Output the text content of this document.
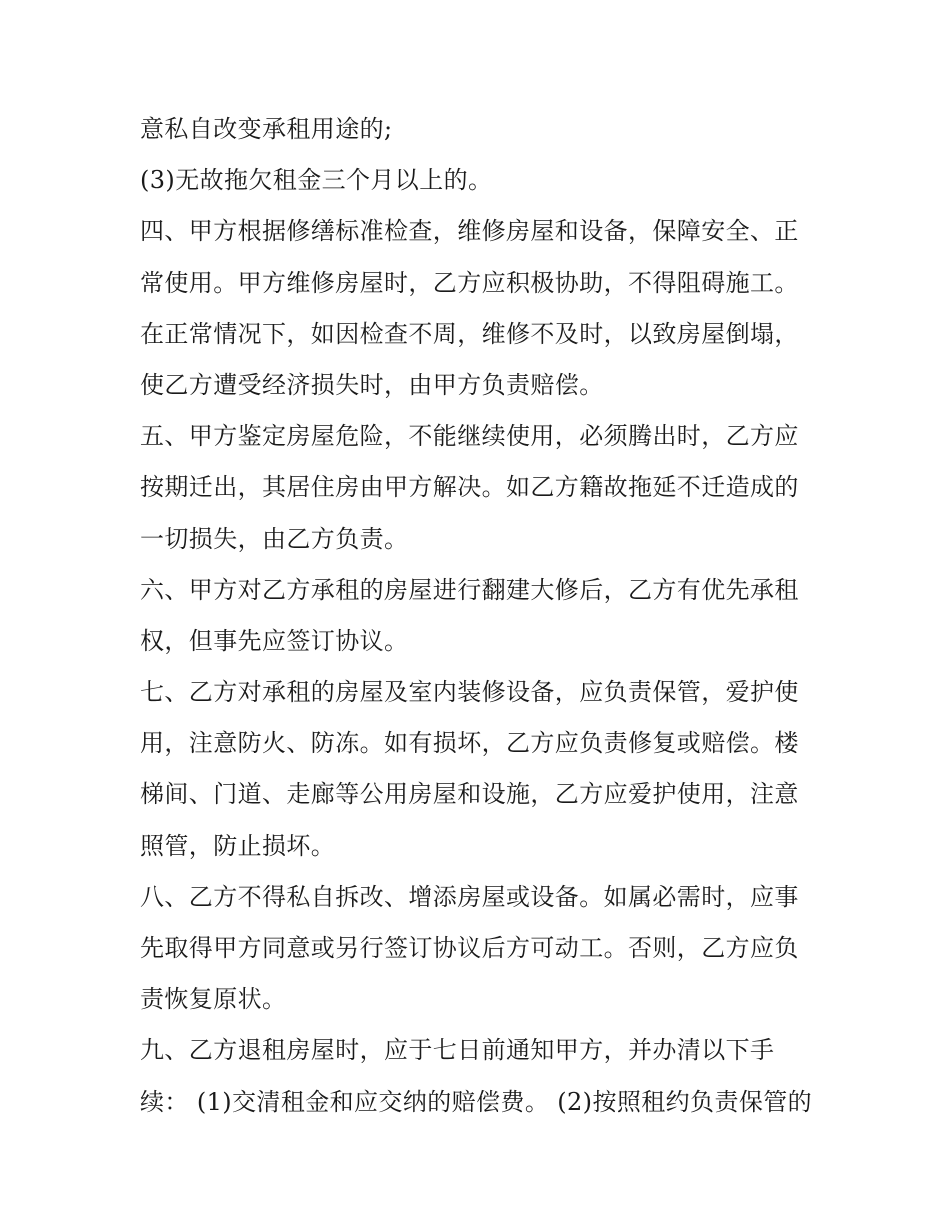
意私自改变承租用途的;
(3)无故拖欠租金三个月以上的。
四、甲方根据修缮标准检查，维修房屋和设备，保障安全、正
常使用。甲方维修房屋时，乙方应积极协助，不得阻碍施工。
在正常情况下，如因检查不周，维修不及时，以致房屋倒塌，
使乙方遭受经济损失时，由甲方负责赔偿。
五、甲方鉴定房屋危险，不能继续使用，必须腾出时，乙方应
按期迁出，其居住房由甲方解决。如乙方籍故拖延不迁造成的
一切损失，由乙方负责。
六、甲方对乙方承租的房屋进行翻建大修后，乙方有优先承租
权，但事先应签订协议。
七、乙方对承租的房屋及室内装修设备，应负责保管，爱护使
用，注意防火、防冻。如有损坏，乙方应负责修复或赔偿。楼
梯间、门道、走廊等公用房屋和设施，乙方应爱护使用，注意
照管，防止损坏。
八、乙方不得私自拆改、增添房屋或设备。如属必需时，应事
先取得甲方同意或另行签订协议后方可动工。否则，乙方应负
责恢复原状。
九、乙方退租房屋时，应于七日前通知甲方，并办清以下手
续： (1)交清租金和应交纳的赔偿费。 (2)按照租约负责保管的
